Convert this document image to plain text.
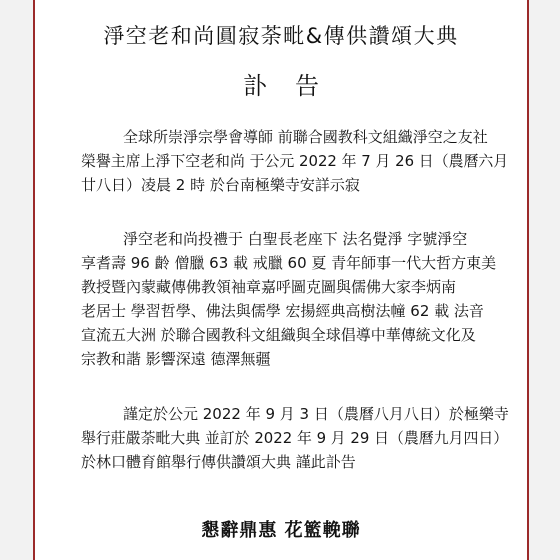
淨空老和尚圓寂荼毗&傳供讚頌大典
訃告
全球所崇淨宗學會導師 前聯合國教科文組織淨空之友社
榮譽主席上淨下空老和尚 于公元 2022 年 7 月 26 日（農曆六月
廿八日）凌晨 2 時 於台南極樂寺安詳示寂
淨空老和尚投禮于 白聖長老座下 法名覺淨 字號淨空
享耆壽 96 齡 僧臘 63 載 戒臘 60 夏 青年師事一代大哲方東美
教授暨內蒙藏傳佛教領袖章嘉呼圖克圖與儒佛大家李炳南
老居士 學習哲學、佛法與儒學 宏揚經典高樹法幢 62 載 法音
宣流五大洲 於聯合國教科文組織與全球倡導中華傳統文化及
宗教和諧 影響深遠 德澤無疆
謹定於公元 2022 年 9 月 3 日（農曆八月八日）於極樂寺
舉行莊嚴荼毗大典 並訂於 2022 年 9 月 29 日（農曆九月四日）
於林口體育館舉行傳供讚頌大典 謹此訃告
懇辭鼎惠 花籃輓聯
